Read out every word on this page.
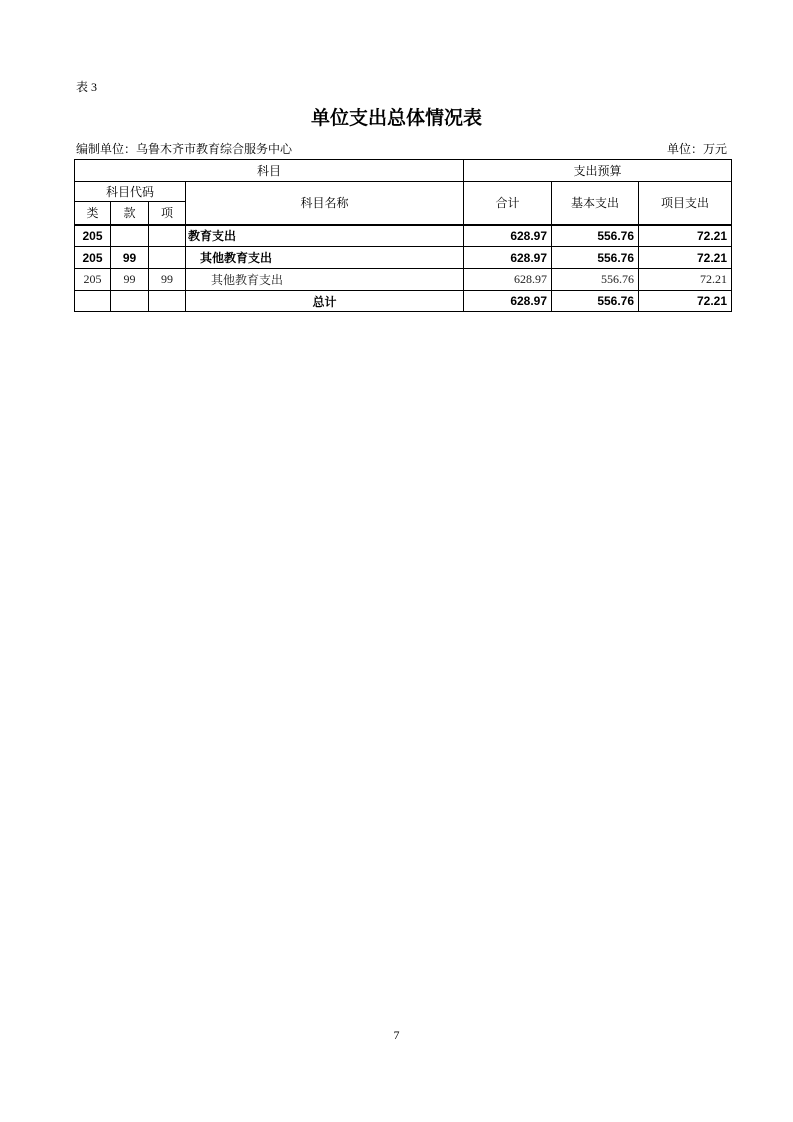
表 3
单位支出总体情况表
编制单位：乌鲁木齐市教育综合服务中心	单位：万元
科目				支出预算		
科目代码			科目名称	合计	基本支出	项目支出
类	款	项				
205			教育支出	628.97	556.76	72.21
205	99		其他教育支出	628.97	556.76	72.21
205	99	99	其他教育支出	628.97	556.76	72.21
			总计	628.97	556.76	72.21
7
